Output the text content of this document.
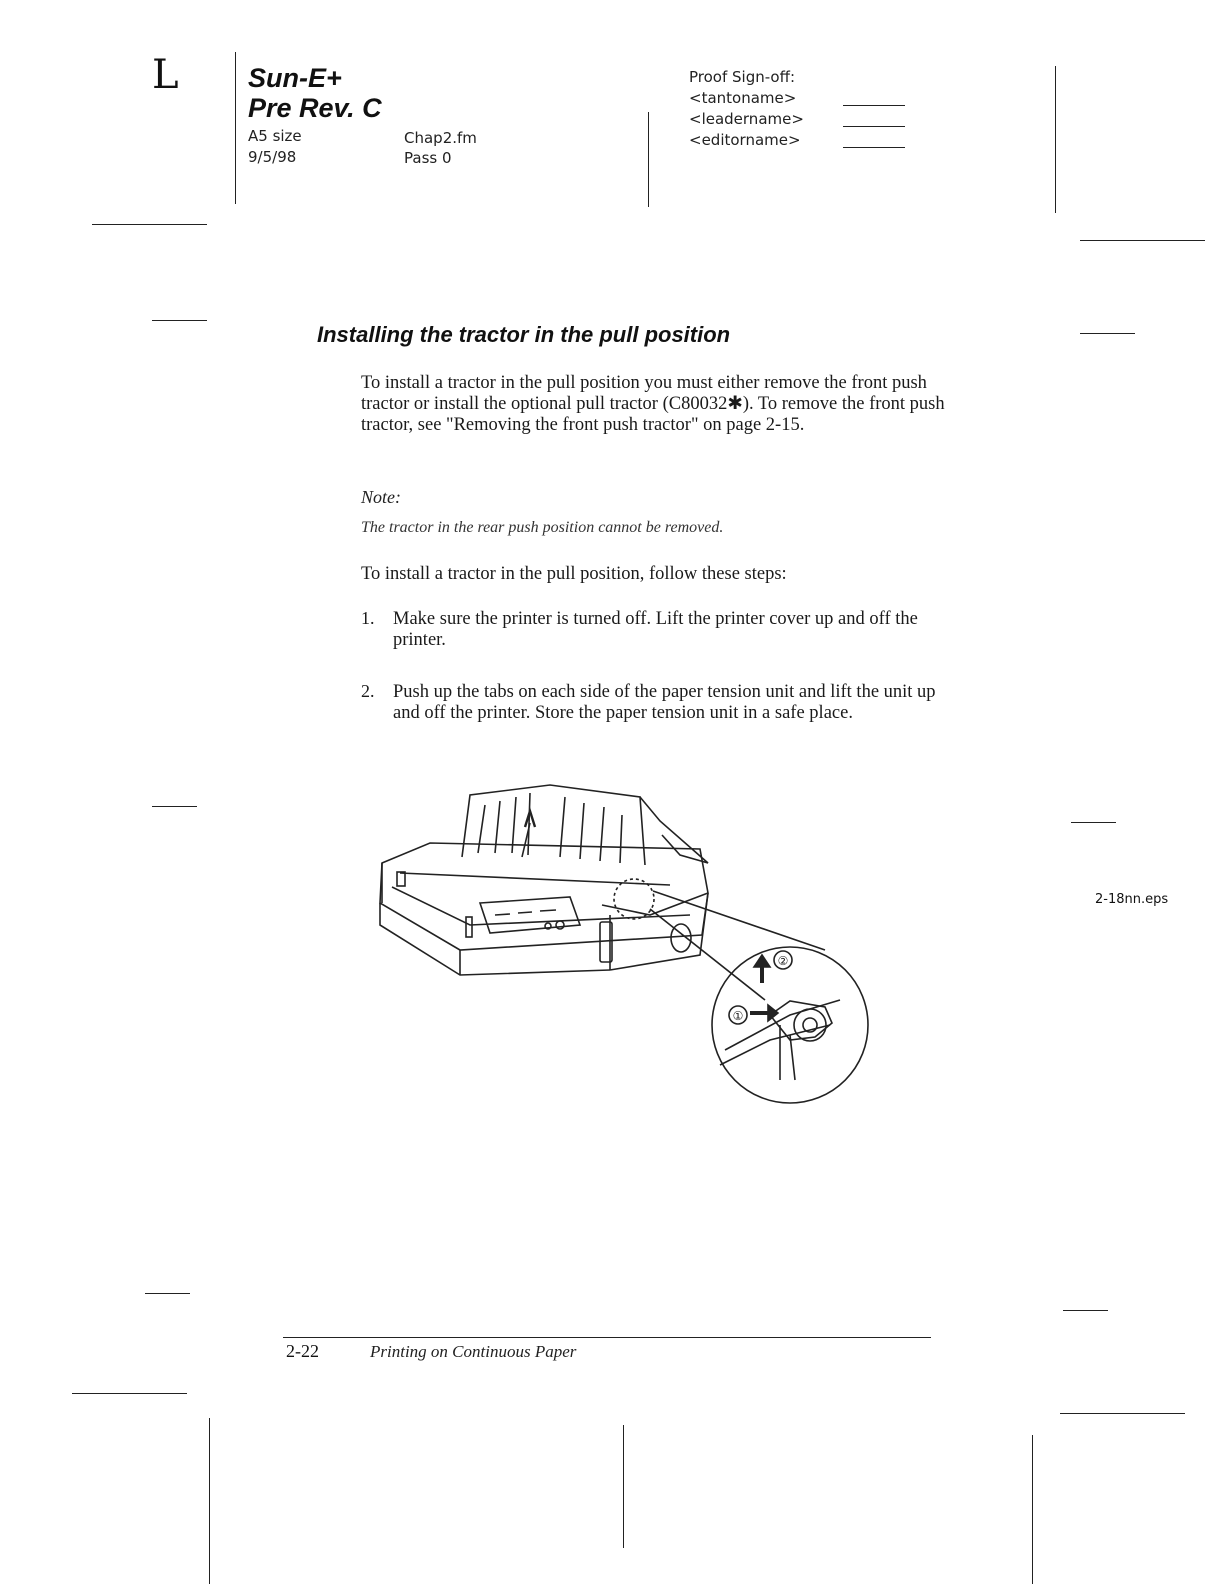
L	Sun-E+
Pre Rev. C
A5 size
9/5/98
Chap2.fm
Pass 0
Proof Sign-off:
<tantoname>
<leadername>
<editorname>
Installing the tractor in the pull position
To install a tractor in the pull position you must either remove the front push tractor or install the optional pull tractor (C80032✱). To remove the front push tractor, see "Removing the front push tractor" on page 2-15.
Note:
The tractor in the rear push position cannot be removed.
To install a tractor in the pull position, follow these steps:
1. Make sure the printer is turned off. Lift the printer cover up and off the printer.
2. Push up the tabs on each side of the paper tension unit and lift the unit up and off the printer. Store the paper tension unit in a safe place.
①
②
2-18nn.eps
2-22	Printing on Continuous Paper
